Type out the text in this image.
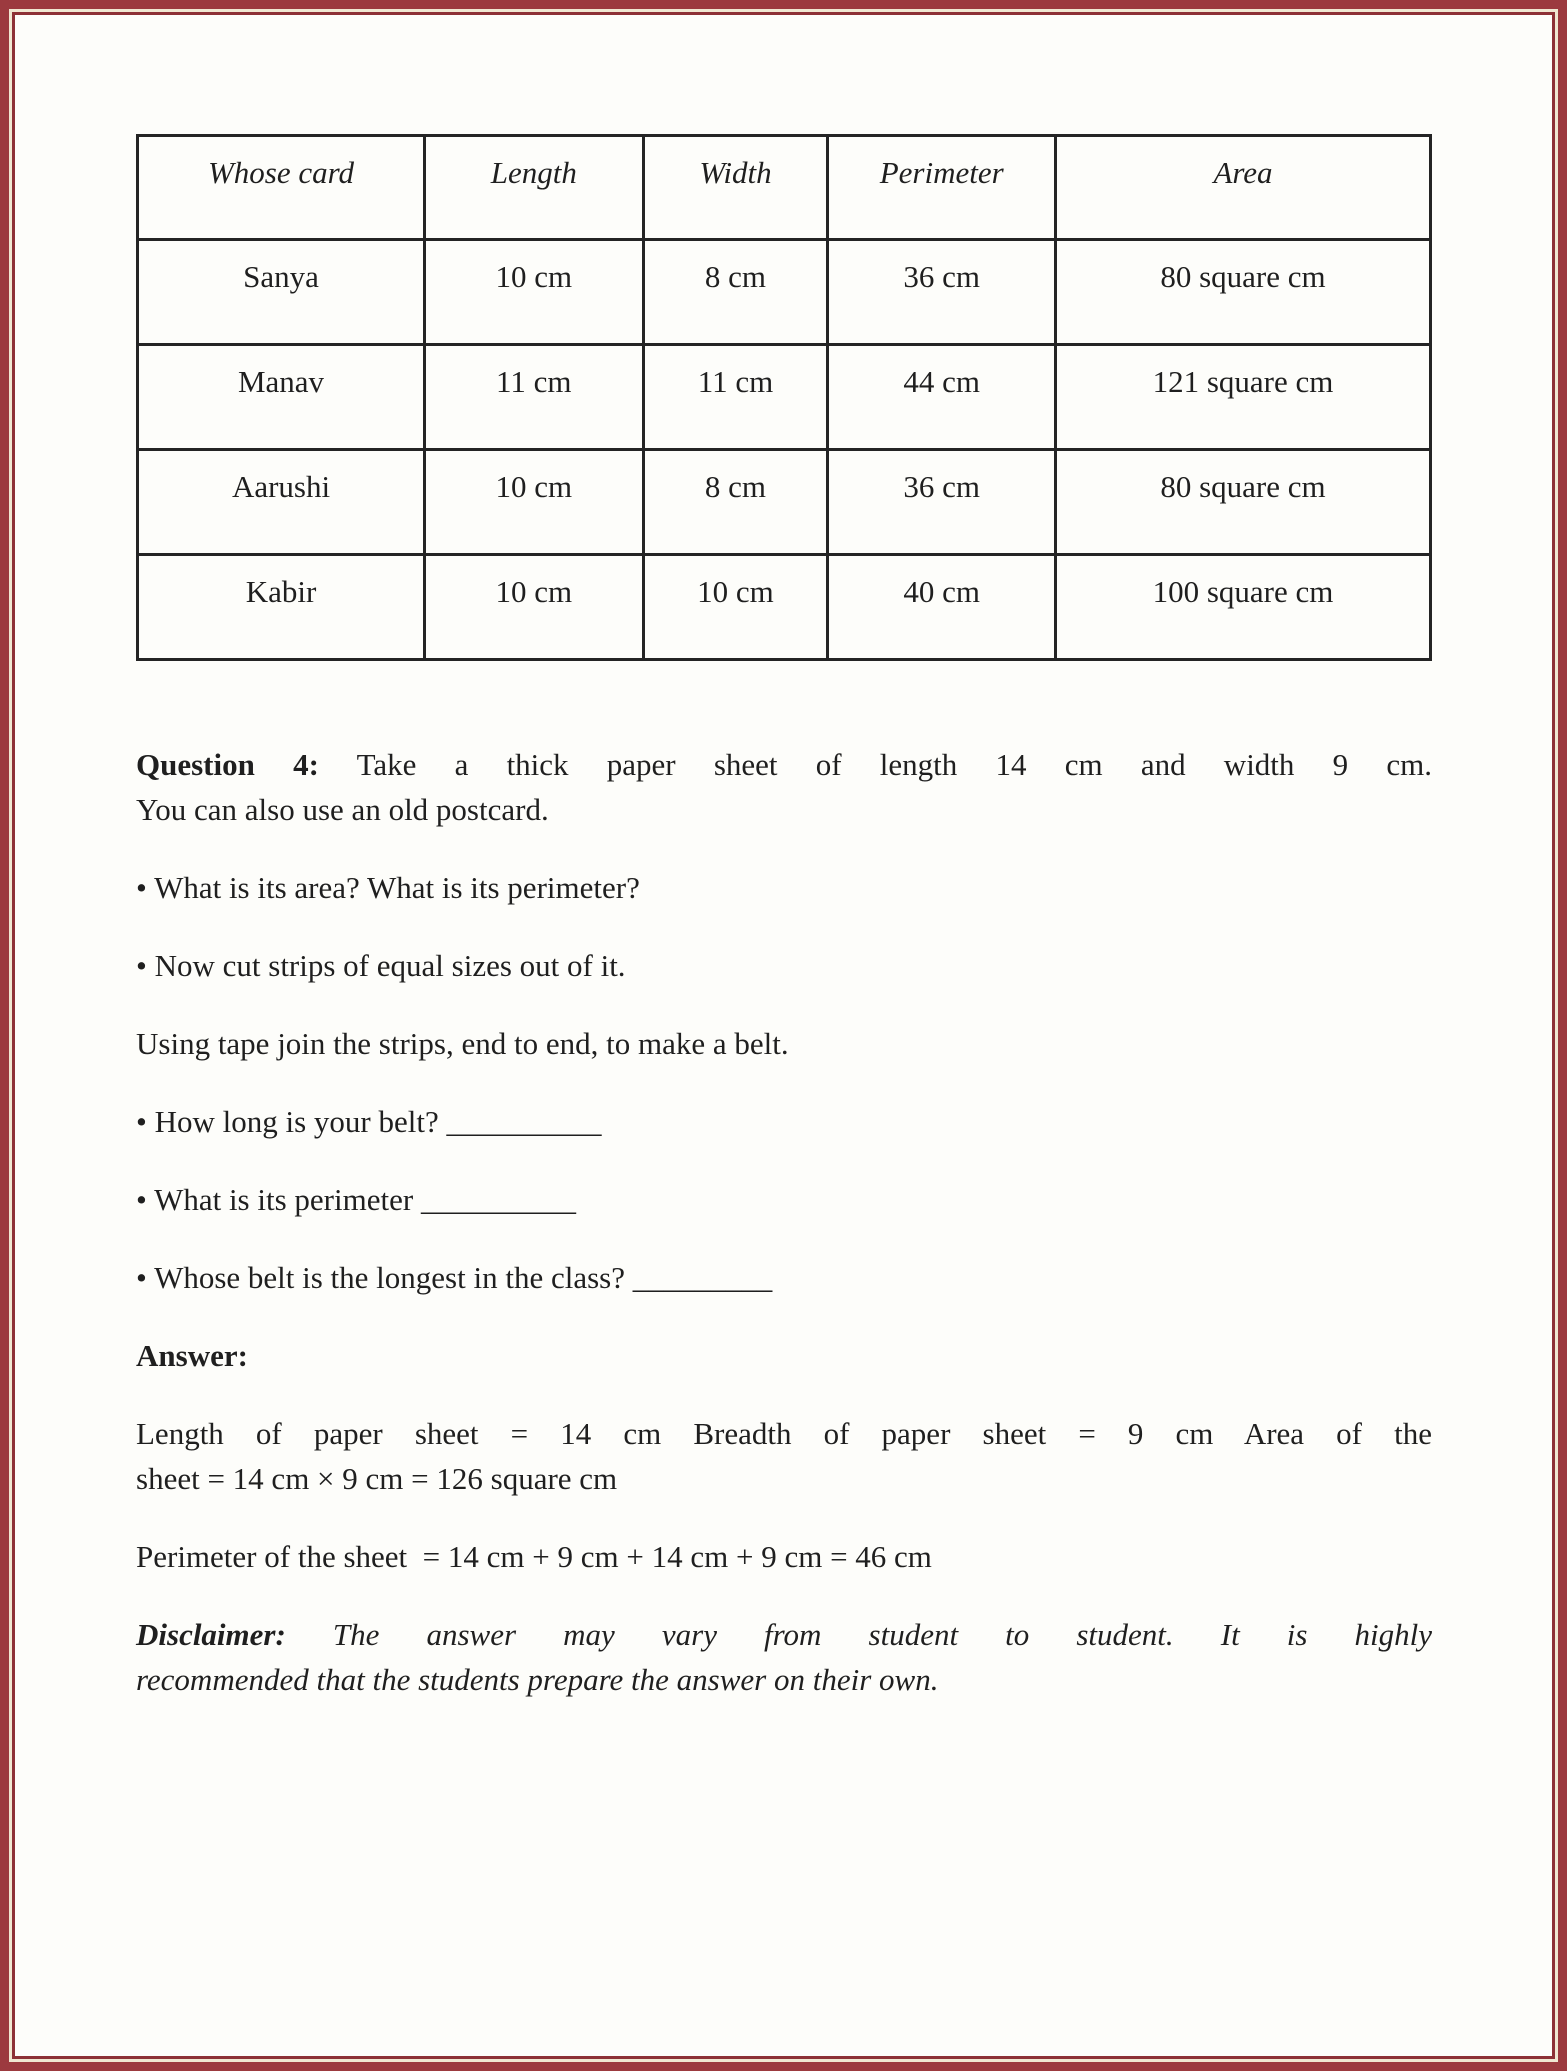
Whose card	Length	Width	Perimeter	Area
Sanya	10 cm	8 cm	36 cm	80 square cm
Manav	11 cm	11 cm	44 cm	121 square cm
Aarushi	10 cm	8 cm	36 cm	80 square cm
Kabir	10 cm	10 cm	40 cm	100 square cm
Question 4: Take a thick paper sheet of length 14 cm and width 9 cm.
You can also use an old postcard.

• What is its area? What is its perimeter?

• Now cut strips of equal sizes out of it.

Using tape join the strips, end to end, to make a belt.

• How long is your belt? __________

• What is its perimeter __________

• Whose belt is the longest in the class? _________

Answer:

Length of paper sheet = 14 cm Breadth of paper sheet = 9 cm Area of the
sheet = 14 cm × 9 cm = 126 square cm

Perimeter of the sheet  = 14 cm + 9 cm + 14 cm + 9 cm = 46 cm

Disclaimer: The answer may vary from student to student. It is highly
recommended that the students prepare the answer on their own.
